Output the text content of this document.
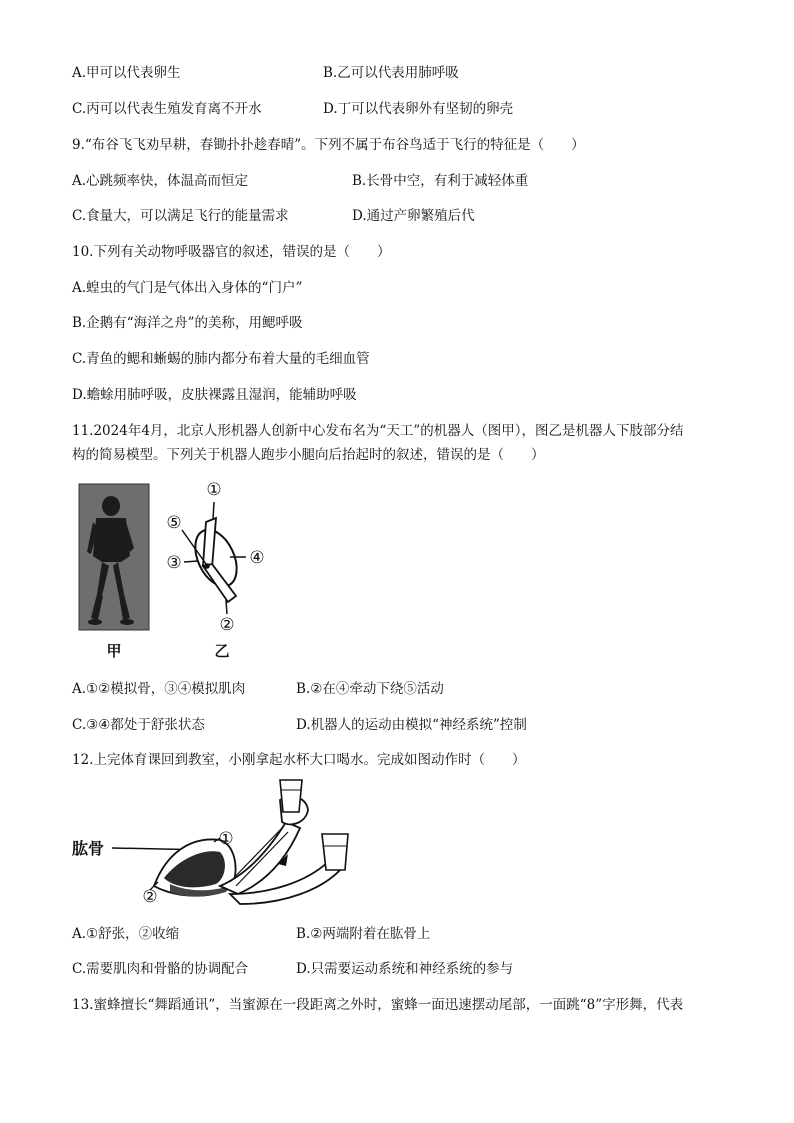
A.甲可以代表卵生	B.乙可以代表用肺呼吸
C.丙可以代表生殖发育离不开水	D.丁可以代表卵外有坚韧的卵壳
9.“布谷飞飞劝早耕，春锄扑扑趁春晴”。下列不属于布谷鸟适于飞行的特征是（　　）
A.心跳频率快，体温高而恒定	B.长骨中空，有利于减轻体重
C.食量大，可以满足飞行的能量需求	D.通过产卵繁殖后代
10.下列有关动物呼吸器官的叙述，错误的是（　　）
A.蝗虫的气门是气体出入身体的“门户”
B.企鹅有“海洋之舟”的美称，用鳃呼吸
C.青鱼的鳃和蜥蜴的肺内都分布着大量的毛细血管
D.蟾蜍用肺呼吸，皮肤裸露且湿润，能辅助呼吸
11.2024年4月，北京人形机器人创新中心发布名为“天工”的机器人（图甲），图乙是机器人下肢部分结
构的简易模型。下列关于机器人跑步小腿向后抬起时的叙述，错误的是（　　）
甲
①
⑤
③	④
②
乙
A.①②模拟骨，③④模拟肌肉	B.②在④牵动下绕⑤活动
C.③④都处于舒张状态	D.机器人的运动由模拟“神经系统”控制
12.上完体育课回到教室，小刚拿起水杯大口喝水。完成如图动作时（　　）
肱骨	①
②
A.①舒张，②收缩	B.②两端附着在肱骨上
C.需要肌肉和骨骼的协调配合	D.只需要运动系统和神经系统的参与
13.蜜蜂擅长“舞蹈通讯”，当蜜源在一段距离之外时，蜜蜂一面迅速摆动尾部，一面跳“8”字形舞，代表
